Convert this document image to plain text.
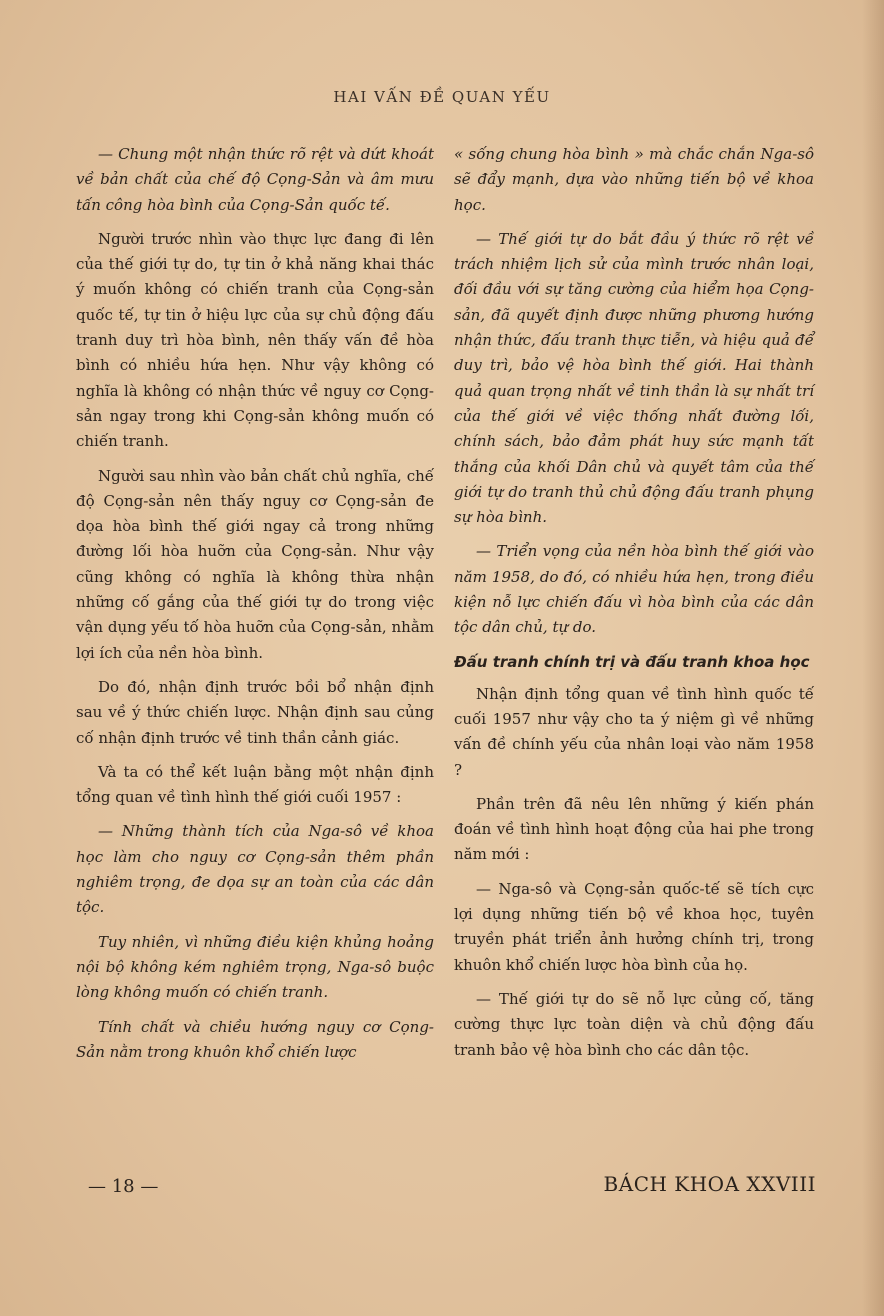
HAI VẤN ĐỀ QUAN YẾU

— Chung một nhận thức rõ rệt và dứt khoát về bản chất của chế độ Cọng-Sản và âm mưu tấn công hòa bình của Cọng-Sản quốc tế.

Người trước nhìn vào thực lực đang đi lên của thế giới tự do, tự tin ở khả năng khai thác ý muốn không có chiến tranh của Cọng-sản quốc tế, tự tin ở hiệu lực của sự chủ động đấu tranh duy trì hòa bình, nên thấy vấn đề hòa bình có nhiều hứa hẹn. Như vậy không có nghĩa là không có nhận thức về nguy cơ Cọng-sản ngay trong khi Cọng-sản không muốn có chiến tranh.

Người sau nhìn vào bản chất chủ nghĩa, chế độ Cọng-sản nên thấy nguy cơ Cọng-sản đe dọa hòa bình thế giới ngay cả trong những đường lối hòa huỡn của Cọng-sản. Như vậy cũng không có nghĩa là không thừa nhận những cố gắng của thế giới tự do trong việc vận dụng yếu tố hòa huỡn của Cọng-sản, nhằm lợi ích của nền hòa bình.

Do đó, nhận định trước bồi bổ nhận định sau về ý thức chiến lược. Nhận định sau củng cố nhận định trước về tinh thần cảnh giác.

Và ta có thể kết luận bằng một nhận định tổng quan về tình hình thế giới cuối 1957 :

— Những thành tích của Nga-sô về khoa học làm cho nguy cơ Cọng-sản thêm phần nghiêm trọng, đe dọa sự an toàn của các dân tộc.

Tuy nhiên, vì những điều kiện khủng hoảng nội bộ không kém nghiêm trọng, Nga-sô buộc lòng không muốn có chiến tranh.

Tính chất và chiều hướng nguy cơ Cọng-Sản nằm trong khuôn khổ chiến lược

« sống chung hòa bình » mà chắc chắn Nga-sô sẽ đẩy mạnh, dựa vào những tiến bộ về khoa học.

— Thế giới tự do bắt đầu ý thức rõ rệt về trách nhiệm lịch sử của mình trước nhân loại, đối đầu với sự tăng cường của hiểm họa Cọng-sản, đã quyết định được những phương hướng nhận thức, đấu tranh thực tiễn, và hiệu quả để duy trì, bảo vệ hòa bình thế giới. Hai thành quả quan trọng nhất về tinh thần là sự nhất trí của thế giới về việc thống nhất đường lối, chính sách, bảo đảm phát huy sức mạnh tất thắng của khối Dân chủ và quyết tâm của thế giới tự do tranh thủ chủ động đấu tranh phụng sự hòa bình.

— Triển vọng của nền hòa bình thế giới vào năm 1958, do đó, có nhiều hứa hẹn, trong điều kiện nỗ lực chiến đấu vì hòa bình của các dân tộc dân chủ, tự do.

Đấu tranh chính trị và đấu tranh khoa học

Nhận định tổng quan về tình hình quốc tế cuối 1957 như vậy cho ta ý niệm gì về những vấn đề chính yếu của nhân loại vào năm 1958 ?

Phần trên đã nêu lên những ý kiến phán đoán về tình hình hoạt động của hai phe trong năm mới :

— Nga-sô và Cọng-sản quốc-tế sẽ tích cực lợi dụng những tiến bộ về khoa học, tuyên truyền phát triển ảnh hưởng chính trị, trong khuôn khổ chiến lược hòa bình của họ.

— Thế giới tự do sẽ nỗ lực củng cố, tăng cường thực lực toàn diện và chủ động đấu tranh bảo vệ hòa bình cho các dân tộc.

— 18 —	BÁCH KHOA XXVIII
